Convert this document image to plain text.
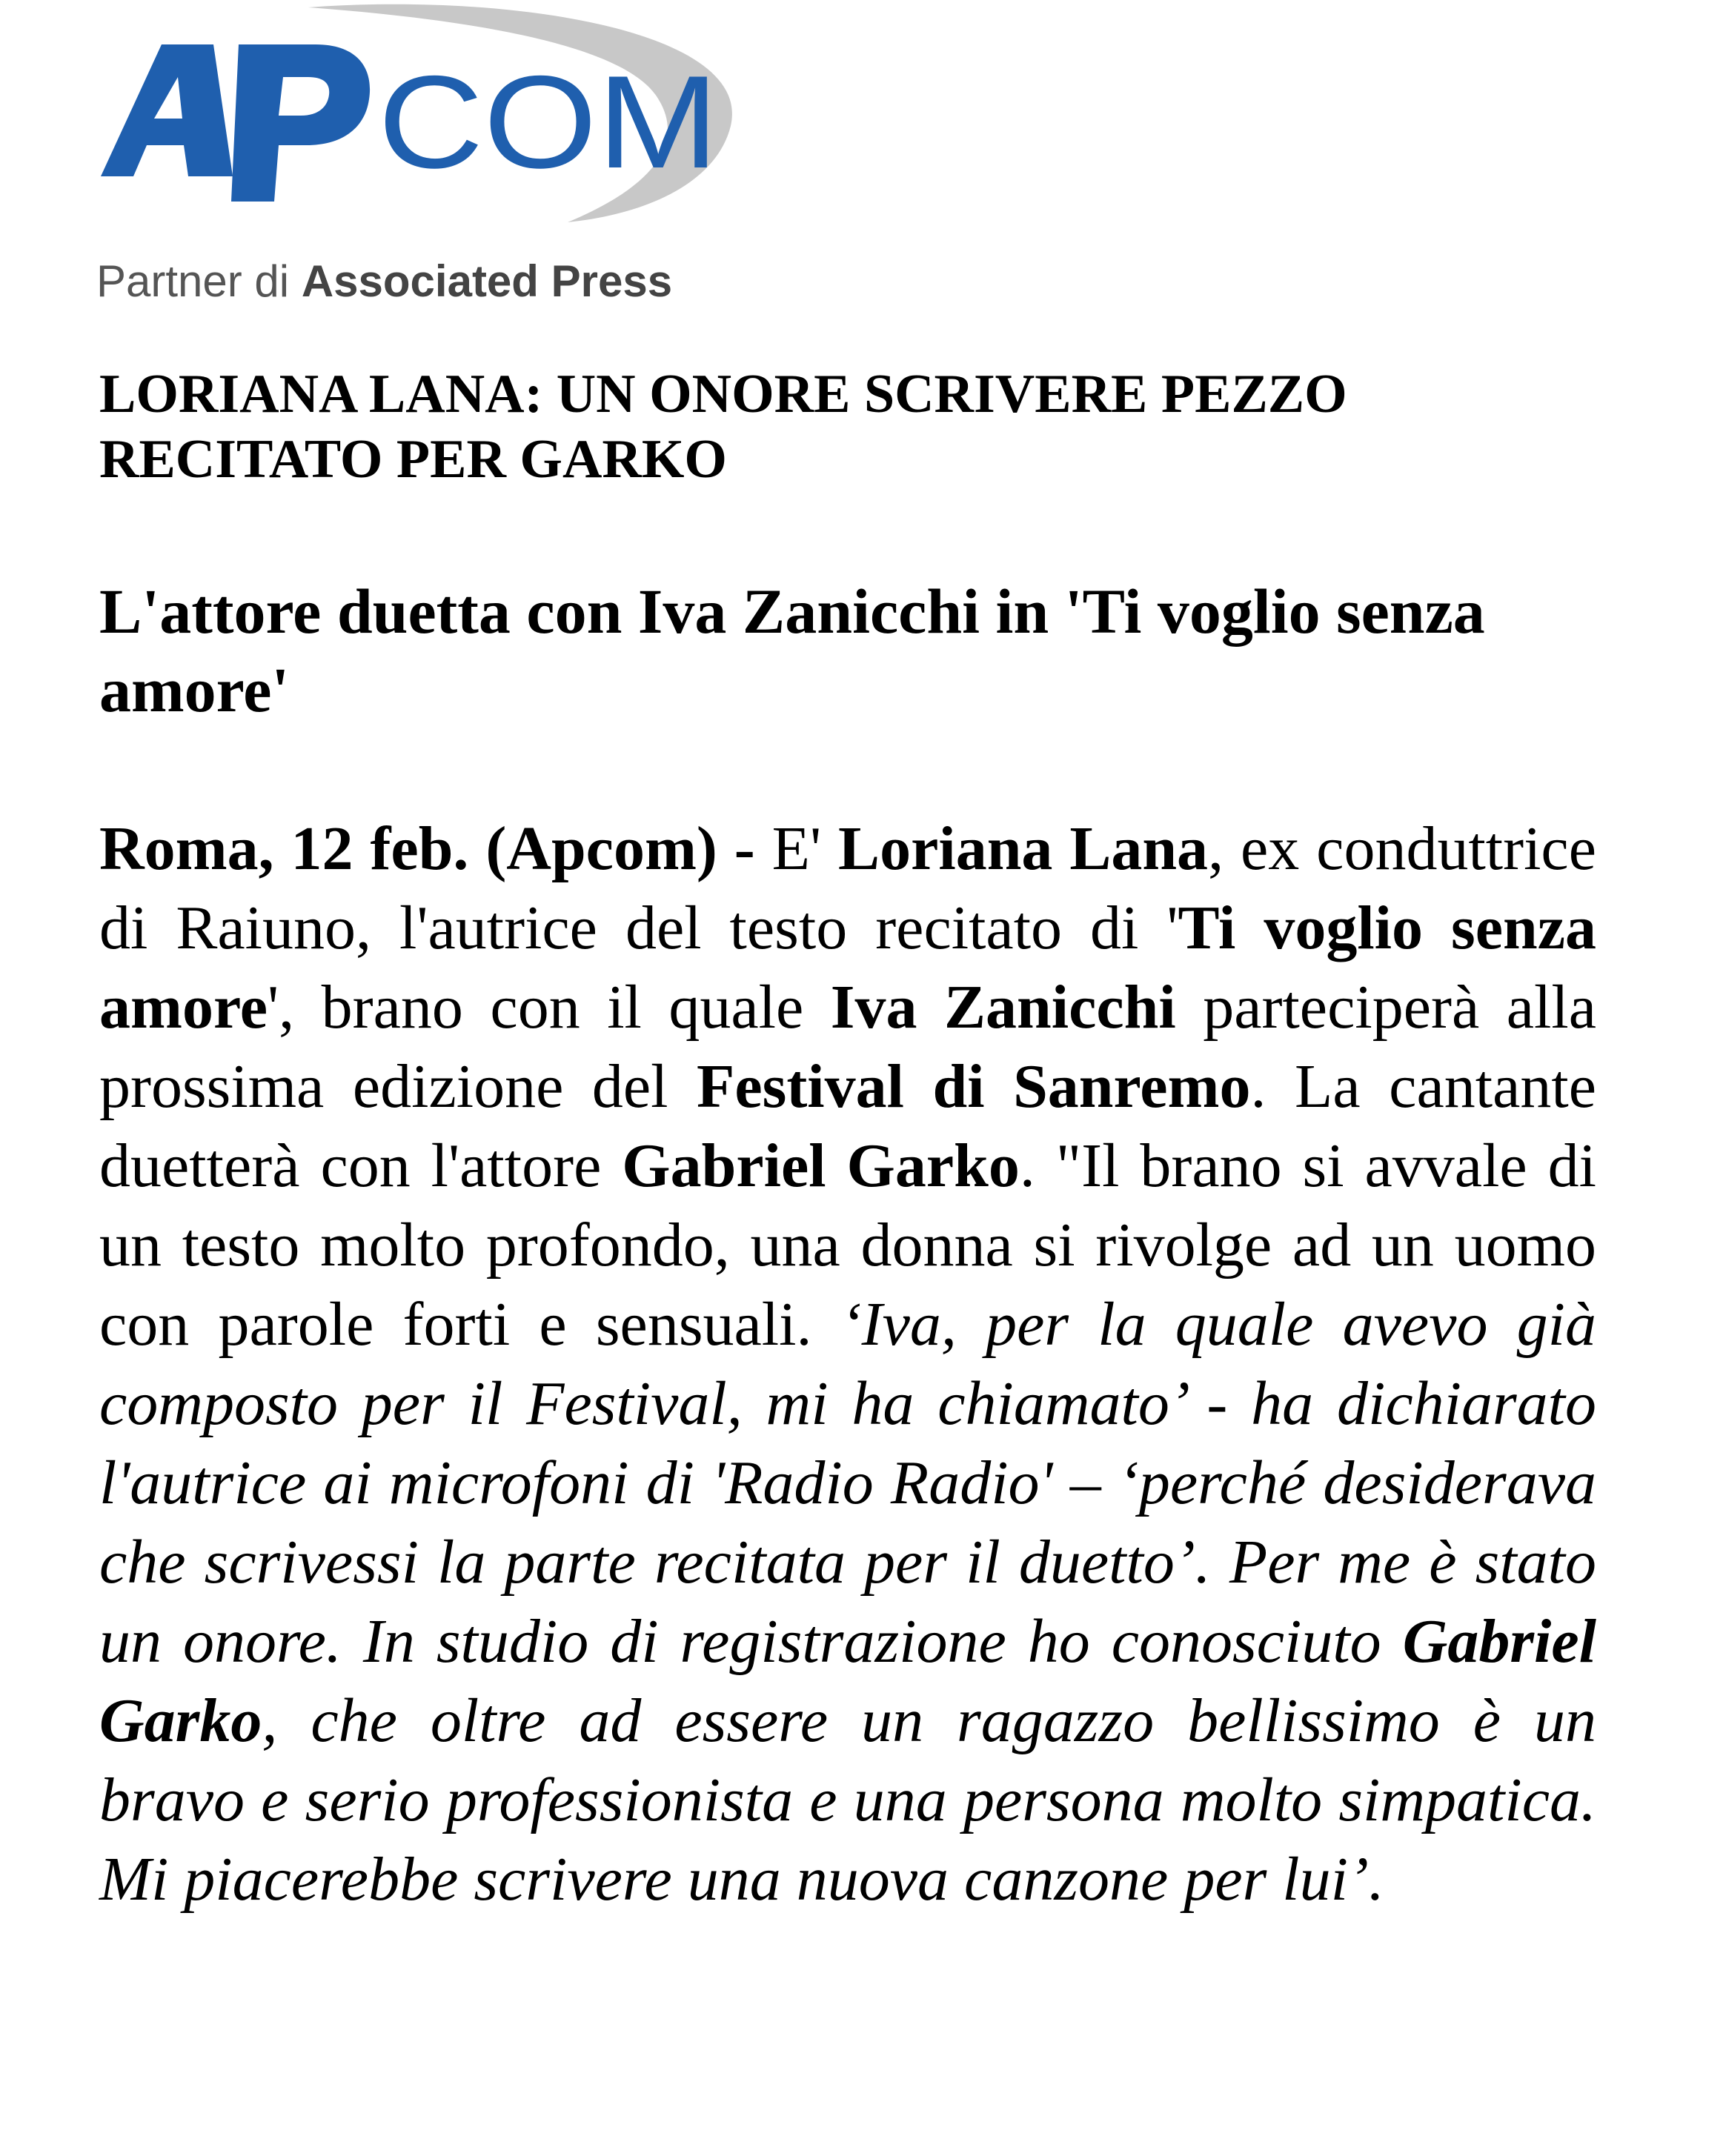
COM
Partner di Associated Press
LORIANA LANA: UN ONORE SCRIVERE PEZZO RECITATO PER GARKO
L'attore duetta con Iva Zanicchi in 'Ti voglio senza amore'

Roma, 12 feb. (Apcom) - E' Loriana Lana, ex conduttrice di Raiuno, l'autrice del testo recitato di 'Ti voglio senza amore', brano con il quale Iva Zanicchi parteciperà alla prossima edizione del Festival di Sanremo. La cantante duetterà con l'attore Gabriel Garko. "Il brano si avvale di un testo molto profondo, una donna si rivolge ad un uomo con parole forti e sensuali. ‘Iva, per la quale avevo già composto per il Festival, mi ha chiamato’ - ha dichiarato l'autrice ai microfoni di 'Radio Radio' – ‘perché desiderava che scrivessi la parte recitata per il duetto’. Per me è stato un onore. In studio di registrazione ho conosciuto Gabriel Garko, che oltre ad essere un ragazzo bellissimo è un bravo e serio professionista e una persona molto simpatica. Mi piacerebbe scrivere una nuova canzone per lui’.
